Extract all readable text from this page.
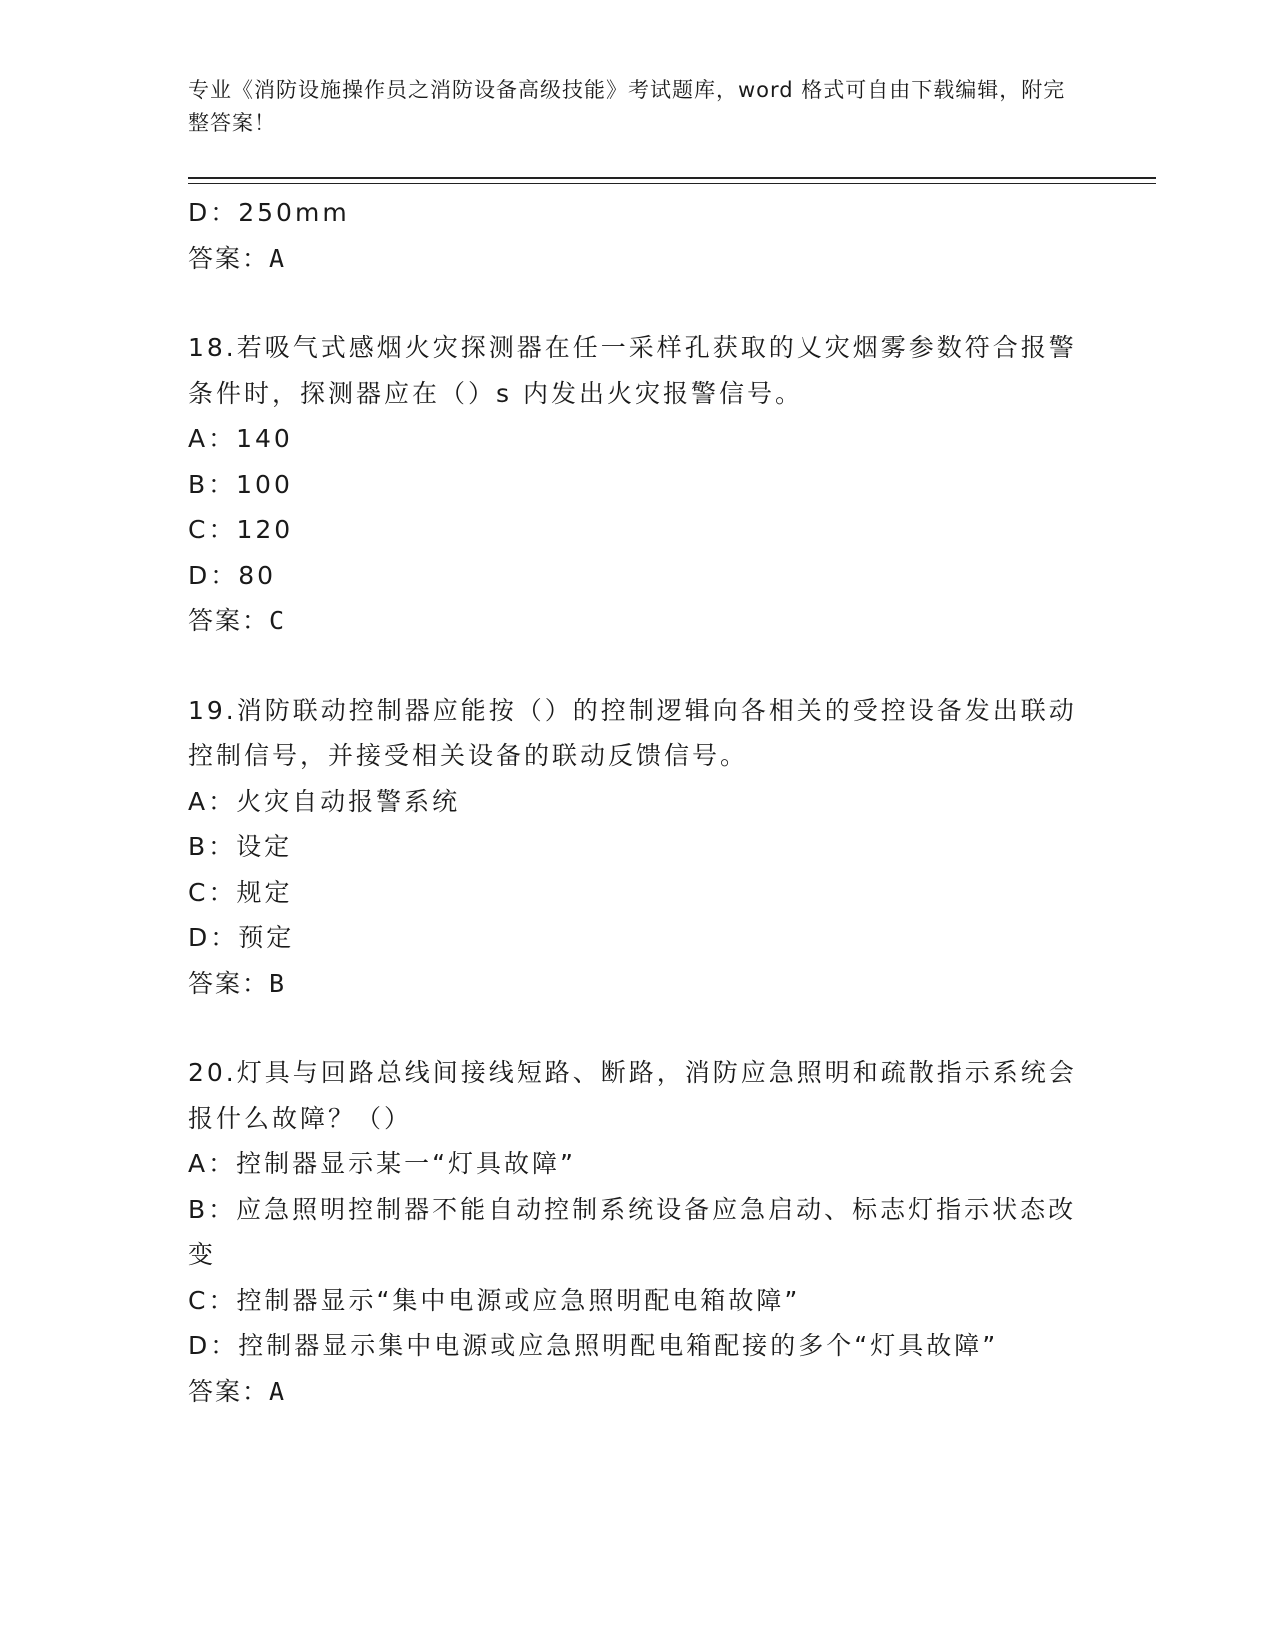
专业《消防设施操作员之消防设备高级技能》考试题库，word 格式可自由下载编辑，附完整答案！
D：250mm
答案：A
18.若吸气式感烟火灾探测器在任一采样孔获取的乂灾烟雾参数符合报警条件时，探测器应在（）s 内发出火灾报警信号。
A：140
B：100
C：120
D：80
答案：C
19.消防联动控制器应能按（）的控制逻辑向各相关的受控设备发出联动控制信号，并接受相关设备的联动反馈信号。
A：火灾自动报警系统
B：设定
C：规定
D：预定
答案：B
20.灯具与回路总线间接线短路、断路，消防应急照明和疏散指示系统会报什么故障？（）
A：控制器显示某一“灯具故障”
B：应急照明控制器不能自动控制系统设备应急启动、标志灯指示状态改变
C：控制器显示“集中电源或应急照明配电箱故障”
D：控制器显示集中电源或应急照明配电箱配接的多个“灯具故障”
答案：A
